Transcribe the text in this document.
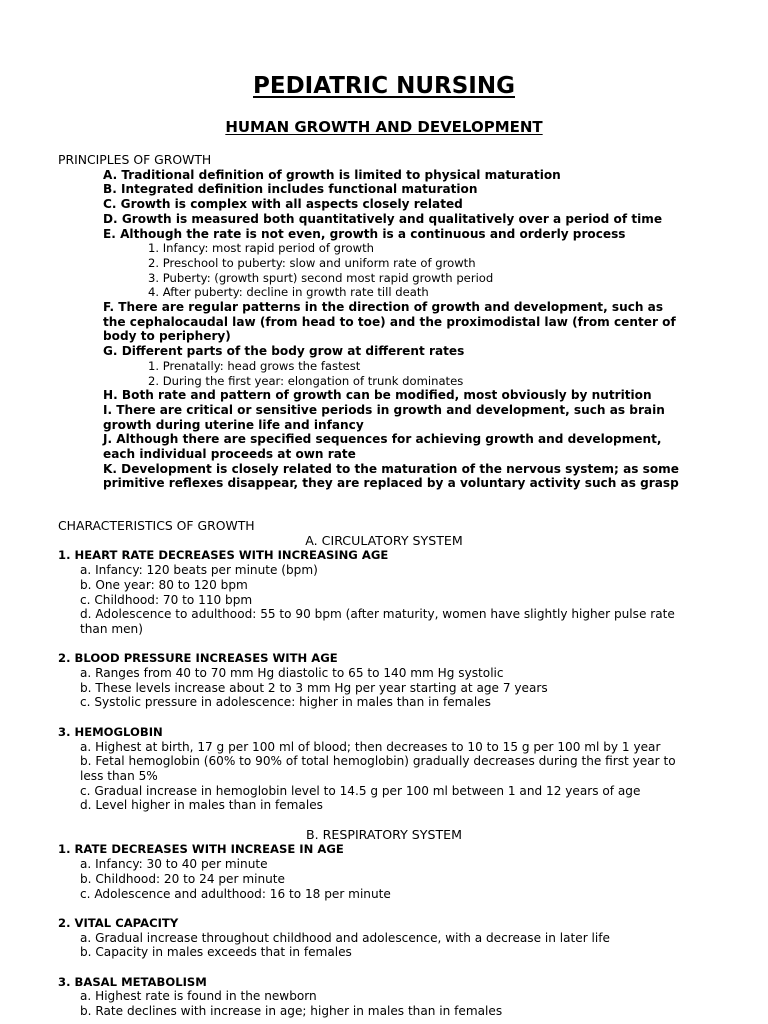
PEDIATRIC NURSING
HUMAN GROWTH AND DEVELOPMENT
PRINCIPLES OF GROWTH
A. Traditional definition of growth is limited to physical maturation
B. Integrated definition includes functional maturation
C. Growth is complex with all aspects closely related
D. Growth is measured both quantitatively and qualitatively over a period of time
E. Although the rate is not even, growth is a continuous and orderly process
1. Infancy: most rapid period of growth
2. Preschool to puberty: slow and uniform rate of growth
3. Puberty: (growth spurt) second most rapid growth period
4. After puberty: decline in growth rate till death
F. There are regular patterns in the direction of growth and development, such as
the cephalocaudal law (from head to toe) and the proximodistal law (from center of
body to periphery)
G. Different parts of the body grow at different rates
1. Prenatally: head grows the fastest
2. During the first year: elongation of trunk dominates
H. Both rate and pattern of growth can be modified, most obviously by nutrition
I. There are critical or sensitive periods in growth and development, such as brain
growth during uterine life and infancy
J. Although there are specified sequences for achieving growth and development,
each individual proceeds at own rate
K. Development is closely related to the maturation of the nervous system; as some
primitive reflexes disappear, they are replaced by a voluntary activity such as grasp
CHARACTERISTICS OF GROWTH
A. CIRCULATORY SYSTEM
1. HEART RATE DECREASES WITH INCREASING AGE
a. Infancy: 120 beats per minute (bpm)
b. One year: 80 to 120 bpm
c. Childhood: 70 to 110 bpm
d. Adolescence to adulthood: 55 to 90 bpm (after maturity, women have slightly higher pulse rate
than men)
2. BLOOD PRESSURE INCREASES WITH AGE
a. Ranges from 40 to 70 mm Hg diastolic to 65 to 140 mm Hg systolic
b. These levels increase about 2 to 3 mm Hg per year starting at age 7 years
c. Systolic pressure in adolescence: higher in males than in females
3. HEMOGLOBIN
a. Highest at birth, 17 g per 100 ml of blood; then decreases to 10 to 15 g per 100 ml by 1 year
b. Fetal hemoglobin (60% to 90% of total hemoglobin) gradually decreases during the first year to
less than 5%
c. Gradual increase in hemoglobin level to 14.5 g per 100 ml between 1 and 12 years of age
d. Level higher in males than in females
B. RESPIRATORY SYSTEM
1. RATE DECREASES WITH INCREASE IN AGE
a. Infancy: 30 to 40 per minute
b. Childhood: 20 to 24 per minute
c. Adolescence and adulthood: 16 to 18 per minute
2. VITAL CAPACITY
a. Gradual increase throughout childhood and adolescence, with a decrease in later life
b. Capacity in males exceeds that in females
3. BASAL METABOLISM
a. Highest rate is found in the newborn
b. Rate declines with increase in age; higher in males than in females
